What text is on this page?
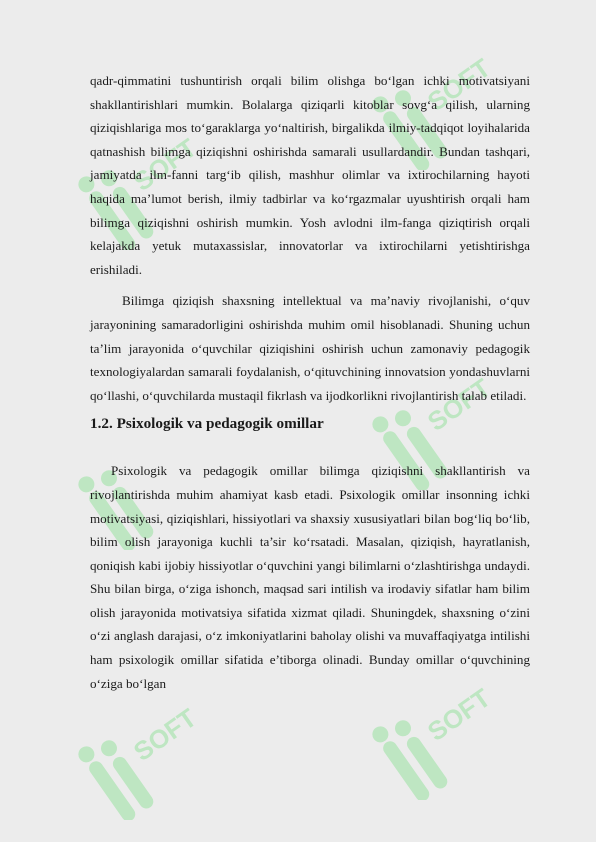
SOFT
SOFT
SOFT
SOFT	SOFT

qadr-qimmatini tushuntirish orqali bilim olishga bo‘lgan ichki motivatsiyani shakllantirishlari mumkin. Bolalarga qiziqarli kitoblar sovg‘a qilish, ularning qiziqishlariga mos to‘garaklarga yo‘naltirish, birgalikda ilmiy-tadqiqot loyihalarida qatnashish bilimga qiziqishni oshirishda samarali usullardandir. Bundan tashqari, jamiyatda ilm-fanni targ‘ib qilish, mashhur olimlar va ixtirochilarning hayoti haqida ma’lumot berish, ilmiy tadbirlar va ko‘rgazmalar uyushtirish orqali ham bilimga qiziqishni oshirish mumkin. Yosh avlodni ilm-fanga qiziqtirish orqali kelajakda yetuk mutaxassislar, innovatorlar va ixtirochilarni yetishtirishga erishiladi.

Bilimga qiziqish shaxsning intellektual va ma’naviy rivojlanishi, o‘quv jarayonining samaradorligini oshirishda muhim omil hisoblanadi. Shuning uchun ta’lim jarayonida o‘quvchilar qiziqishini oshirish uchun zamonaviy pedagogik texnologiyalardan samarali foydalanish, o‘qituvchining innovatsion yondashuvlarni qo‘llashi, o‘quvchilarda mustaqil fikrlash va ijodkorlikni rivojlantirish talab etiladi.

1.2. Psixologik va pedagogik omillar

Psixologik va pedagogik omillar bilimga qiziqishni shakllantirish va rivojlantirishda muhim ahamiyat kasb etadi. Psixologik omillar insonning ichki motivatsiyasi, qiziqishlari, hissiyotlari va shaxsiy xususiyatlari bilan bog‘liq bo‘lib, bilim olish jarayoniga kuchli ta’sir ko‘rsatadi. Masalan, qiziqish, hayratlanish, qoniqish kabi ijobiy hissiyotlar o‘quvchini yangi bilimlarni o‘zlashtirishga undaydi. Shu bilan birga, o‘ziga ishonch, maqsad sari intilish va irodaviy sifatlar ham bilim olish jarayonida motivatsiya sifatida xizmat qiladi. Shuningdek, shaxsning o‘zini o‘zi anglash darajasi, o‘z imkoniyatlarini baholay olishi va muvaffaqiyatga intilishi ham psixologik omillar sifatida e’tiborga olinadi. Bunday omillar o‘quvchining o‘ziga bo‘lgan
